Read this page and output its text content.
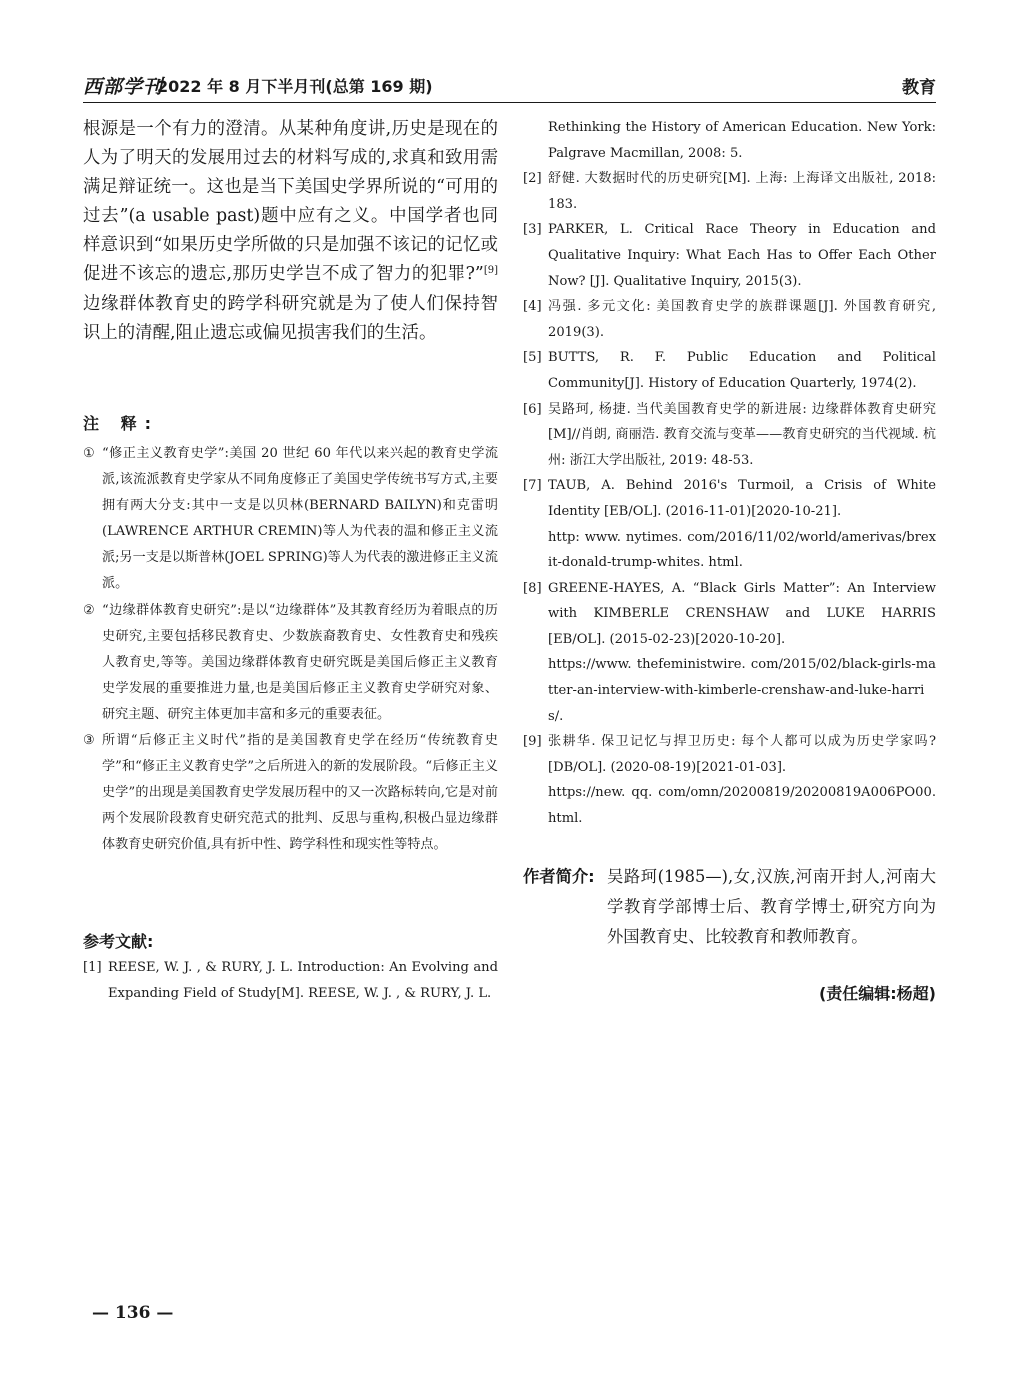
西部学刊
2022 年 8 月下半月刊(总第 169 期)	教育

根源是一个有力的澄清。从某种角度讲,历史是现在的人为了明天的发展用过去的材料写成的,求真和致用需满足辩证统一。这也是当下美国史学界所说的“可用的过去”(a usable past)题中应有之义。中国学者也同样意识到“如果历史学所做的只是加强不该记的记忆或促进不该忘的遗忘,那历史学岂不成了智力的犯罪?”[9]边缘群体教育史的跨学科研究就是为了使人们保持智识上的清醒,阻止遗忘或偏见损害我们的生活。

注 释:

① “修正主义教育史学”:美国 20 世纪 60 年代以来兴起的教育史学流派,该流派教育史学家从不同角度修正了美国史学传统书写方式,主要拥有两大分支:其中一支是以贝林(BERNARD BAILYN)和克雷明(LAWRENCE ARTHUR CREMIN)等人为代表的温和修正主义流派;另一支是以斯普林(JOEL SPRING)等人为代表的激进修正主义流派。

② “边缘群体教育史研究”:是以“边缘群体”及其教育经历为着眼点的历史研究,主要包括移民教育史、少数族裔教育史、女性教育史和残疾人教育史,等等。美国边缘群体教育史研究既是美国后修正主义教育史学发展的重要推进力量,也是美国后修正主义教育史学研究对象、研究主题、研究主体更加丰富和多元的重要表征。

③ 所谓“后修正主义时代”指的是美国教育史学在经历“传统教育史学”和“修正主义教育史学”之后所进入的新的发展阶段。“后修正主义史学”的出现是美国教育史学发展历程中的又一次路标转向,它是对前两个发展阶段教育史研究范式的批判、反思与重构,积极凸显边缘群体教育史研究价值,具有折中性、跨学科性和现实性等特点。

参考文献:

[1] REESE, W. J. , & RURY, J. L. Introduction: An Evolving and Expanding Field of Study[M]. REESE, W. J. , & RURY, J. L.

Rethinking the History of American Education. New York: Palgrave Macmillan, 2008: 5.

[2] 舒健. 大数据时代的历史研究[M]. 上海: 上海译文出版社, 2018: 183.

[3] PARKER, L. Critical Race Theory in Education and Qualitative Inquiry: What Each Has to Offer Each Other Now? [J]. Qualitative Inquiry, 2015(3).

[4] 冯强. 多元文化: 美国教育史学的族群课题[J]. 外国教育研究, 2019(3).

[5] BUTTS, R. F. Public Education and Political Community[J]. History of Education Quarterly, 1974(2).

[6] 吴路珂, 杨捷. 当代美国教育史学的新进展: 边缘群体教育史研究[M]//肖朗, 商丽浩. 教育交流与变革——教育史研究的当代视域. 杭州: 浙江大学出版社, 2019: 48-53.

[7] TAUB, A. Behind 2016's Turmoil, a Crisis of White Identity [EB/OL]. (2016-11-01)[2020-10-21].
http: www. nytimes. com/2016/11/02/world/amerivas/brexit-donald-trump-whites. html.

[8] GREENE-HAYES, A. “Black Girls Matter”: An Interview with KIMBERLE CRENSHAW and LUKE HARRIS [EB/OL]. (2015-02-23)[2020-10-20].
https://www. thefeministwire. com/2015/02/black-girls-matter-an-interview-with-kimberle-crenshaw-and-luke-harris/.

[9] 张耕华. 保卫记忆与捍卫历史: 每个人都可以成为历史学家吗? [DB/OL]. (2020-08-19)[2021-01-03].
https://new. qq. com/omn/20200819/20200819A006PO00. html.

作者简介: 吴路珂(1985—),女,汉族,河南开封人,河南大学教育学部博士后、教育学博士,研究方向为外国教育史、比较教育和教师教育。
(责任编辑:杨超)
— 136 —
